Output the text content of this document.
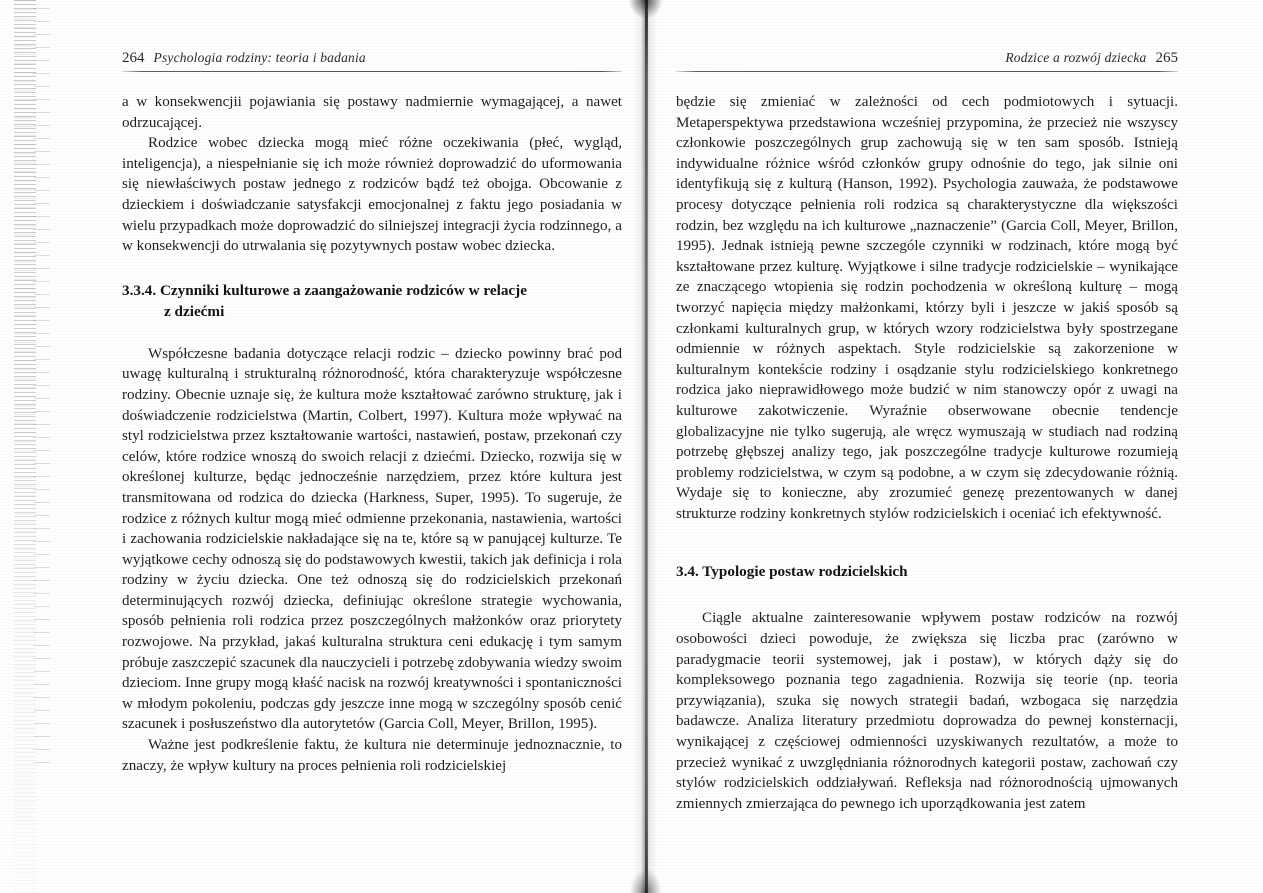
264 Psychologia rodziny: teoria i badania

a w konsekwencjii pojawiania się postawy nadmiernie wymagającej, a nawet odrzucającej.

Rodzice wobec dziecka mogą mieć różne oczekiwania (płeć, wygląd, inteligencja), a niespełnianie się ich może również doprowadzić do uformowania się niewłaściwych postaw jednego z rodziców bądź też obojga. Obcowanie z dzieckiem i doświadczanie satysfakcji emocjonalnej z faktu jego posiadania w wielu przypadkach może doprowadzić do silniejszej integracji życia rodzinnego, a w konsekwencji do utrwalania się pozytywnych postaw wobec dziecka.

3.3.4. Czynniki kulturowe a zaangażowanie rodziców w relacje
z dziećmi

Współczesne badania dotyczące relacji rodzic – dziecko powinny brać pod uwagę kulturalną i strukturalną różnorodność, która charakteryzuje współczesne rodziny. Obecnie uznaje się, że kultura może kształtować zarówno strukturę, jak i doświadczenie rodzicielstwa (Martin, Colbert, 1997). Kultura może wpływać na styl rodzicielstwa przez kształtowanie wartości, nastawień, postaw, przekonań czy celów, które rodzice wnoszą do swoich relacji z dziećmi. Dziecko, rozwija się w określonej kulturze, będąc jednocześnie narzędziem, przez które kultura jest transmitowana od rodzica do dziecka (Harkness, Super, 1995). To sugeruje, że rodzice z różnych kultur mogą mieć odmienne przekonania, nastawienia, wartości i zachowania rodzicielskie nakładające się na te, które są w panującej kulturze. Te wyjątkowe cechy odnoszą się do podstawowych kwestii, takich jak definicja i rola rodziny w życiu dziecka. One też odnoszą się do rodzicielskich przekonań determinujących rozwój dziecka, definiując określone strategie wychowania, sposób pełnienia roli rodzica przez poszczególnych małżonków oraz priorytety rozwojowe. Na przykład, jakaś kulturalna struktura ceni edukację i tym samym próbuje zaszczepić szacunek dla nauczycieli i potrzebę zdobywania wiedzy swoim dzieciom. Inne grupy mogą kłaść nacisk na rozwój kreatywności i spontaniczności w młodym pokoleniu, podczas gdy jeszcze inne mogą w szczególny sposób cenić szacunek i posłuszeństwo dla autorytetów (Garcia Coll, Meyer, Brillon, 1995).

Ważne jest podkreślenie faktu, że kultura nie determinuje jednoznacznie, to znaczy, że wpływ kultury na proces pełnienia roli rodzicielskiej

Rodzice a rozwój dziecka 265

będzie się zmieniać w zależności od cech podmiotowych i sytuacji. Metaperspektywa przedstawiona wcześniej przypomina, że przecież nie wszyscy członkowie poszczególnych grup zachowują się w ten sam sposób. Istnieją indywidualne różnice wśród członków grupy odnośnie do tego, jak silnie oni identyfikują się z kulturą (Hanson, 1992). Psychologia zauważa, że podstawowe procesy dotyczące pełnienia roli rodzica są charakterystyczne dla większości rodzin, bez względu na ich kulturowe „naznaczenie” (Garcia Coll, Meyer, Brillon, 1995). Jednak istnieją pewne szczególe czynniki w rodzinach, które mogą być kształtowane przez kulturę. Wyjątkowe i silne tradycje rodzicielskie – wynikające ze znaczącego wtopienia się rodzin pochodzenia w określoną kulturę – mogą tworzyć napięcia między małżonkami, którzy byli i jeszcze w jakiś sposób są członkami kulturalnych grup, w których wzory rodzicielstwa były spostrzegane odmiennie w różnych aspektach. Style rodzicielskie są zakorzenione w kulturalnym kontekście rodziny i osądzanie stylu rodzicielskiego konkretnego rodzica jako nieprawidłowego może budzić w nim stanowczy opór z uwagi na kulturowe zakotwiczenie. Wyraźnie obserwowane obecnie tendencje globalizacyjne nie tylko sugerują, ale wręcz wymuszają w studiach nad rodziną potrzebę głębszej analizy tego, jak poszczególne tradycje kulturowe rozumieją problemy rodzicielstwa, w czym są podobne, a w czym się zdecydowanie różnią. Wydaje się to konieczne, aby zrozumieć genezę prezentowanych w danej strukturze rodziny konkretnych stylów rodzicielskich i oceniać ich efektywność.

3.4. Typologie postaw rodzicielskich

Ciągle aktualne zainteresowanie wpływem postaw rodziców na rozwój osobowości dzieci powoduje, że zwiększa się liczba prac (zarówno w paradygmacie teorii systemowej, jak i postaw), w których dąży się do kompleksowego poznania tego zagadnienia. Rozwija się teorie (np. teoria przywiązania), szuka się nowych strategii badań, wzbogaca się narzędzia badawcze. Analiza literatury przedmiotu doprowadza do pewnej konsternacji, wynikającej z częściowej odmienności uzyskiwanych rezultatów, a może to przecież wynikać z uwzględniania różnorodnych kategorii postaw, zachowań czy stylów rodzicielskich oddziaływań. Refleksja nad różnorodnością ujmowanych zmiennych zmierzająca do pewnego ich uporządkowania jest zatem
